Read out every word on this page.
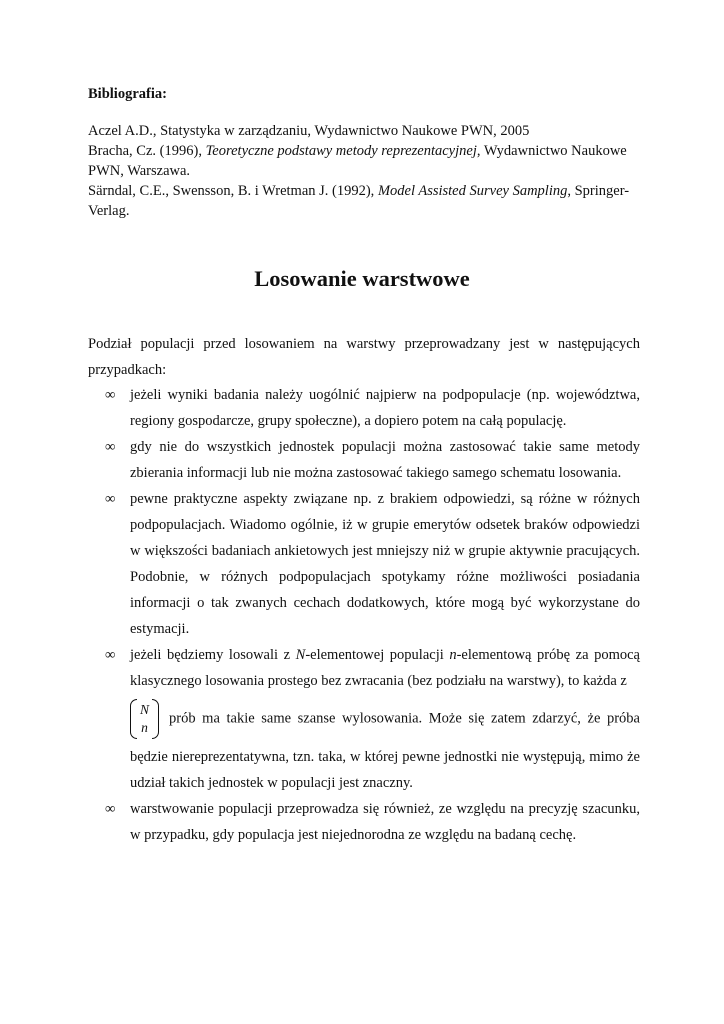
Bibliografia:
Aczel A.D., Statystyka w zarządzaniu, Wydawnictwo Naukowe PWN, 2005
Bracha, Cz. (1996), Teoretyczne podstawy metody reprezentacyjnej, Wydawnictwo Naukowe PWN, Warszawa.
Särndal, C.E., Swensson, B. i Wretman J. (1992), Model Assisted Survey Sampling, Springer-Verlag.
Losowanie warstwowe

Podział populacji przed losowaniem na warstwy przeprowadzany jest w następujących przypadkach:

∞ jeżeli wyniki badania należy uogólnić najpierw na podpopulacje (np. województwa, regiony gospodarcze, grupy społeczne), a dopiero potem na całą populację.
∞ gdy nie do wszystkich jednostek populacji można zastosować takie same metody zbierania informacji lub nie można zastosować takiego samego schematu losowania.
∞ pewne praktyczne aspekty związane np. z brakiem odpowiedzi, są różne w różnych podpopulacjach. Wiadomo ogólnie, iż w grupie emerytów odsetek braków odpowiedzi w większości badaniach ankietowych jest mniejszy niż w grupie aktywnie pracujących. Podobnie, w różnych podpopulacjach spotykamy różne możliwości posiadania informacji o tak zwanych cechach dodatkowych, które mogą być wykorzystane do estymacji.
∞ jeżeli będziemy losowali z N-elementowej populacji n-elementową próbę za pomocą klasycznego losowania prostego bez zwracania (bez podziału na warstwy), to każda z

N
n
prób ma takie same szanse wylosowania. Może się zatem zdarzyć, że próba będzie niereprezentatywna, tzn. taka, w której pewne jednostki nie występują, mimo że udział takich jednostek w populacji jest znaczny.
∞ warstwowanie populacji przeprowadza się również, ze względu na precyzję szacunku, w przypadku, gdy populacja jest niejednorodna ze względu na badaną cechę.
